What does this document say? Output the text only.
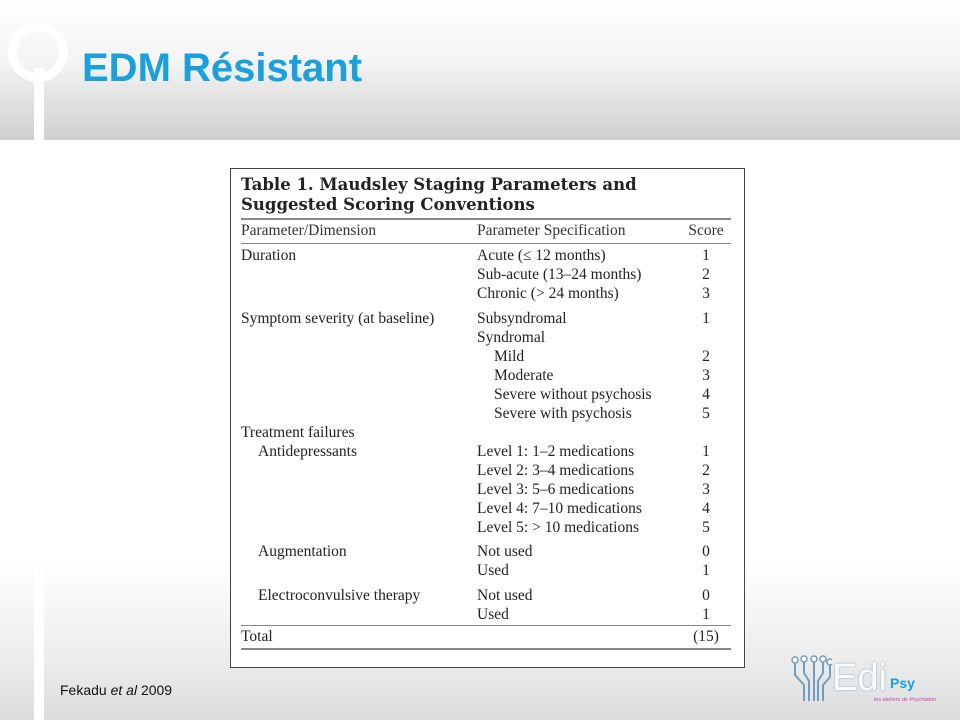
EDM Résistant
Table 1. Maudsley Staging Parameters and Suggested Scoring Conventions
Parameter/Dimension	Parameter Specification	Score
Duration	Acute (≤ 12 months)	1
Sub-acute (13–24 months)	2
Chronic (> 24 months)	3
Symptom severity (at baseline)	Subsyndromal	1
Syndromal
Mild	2
Moderate	3
Severe without psychosis	4
Severe with psychosis	5
Treatment failures
Antidepressants	Level 1: 1–2 medications	1
Level 2: 3–4 medications	2
Level 3: 5–6 medications	3
Level 4: 7–10 medications	4
Level 5: > 10 medications	5
Augmentation	Not used	0
Used	1
Electroconvulsive therapy	Not used	0
Used	1
Total	(15)
Fekadu et al 2009	Edi Psy
les ateliers de Psychiatrie
